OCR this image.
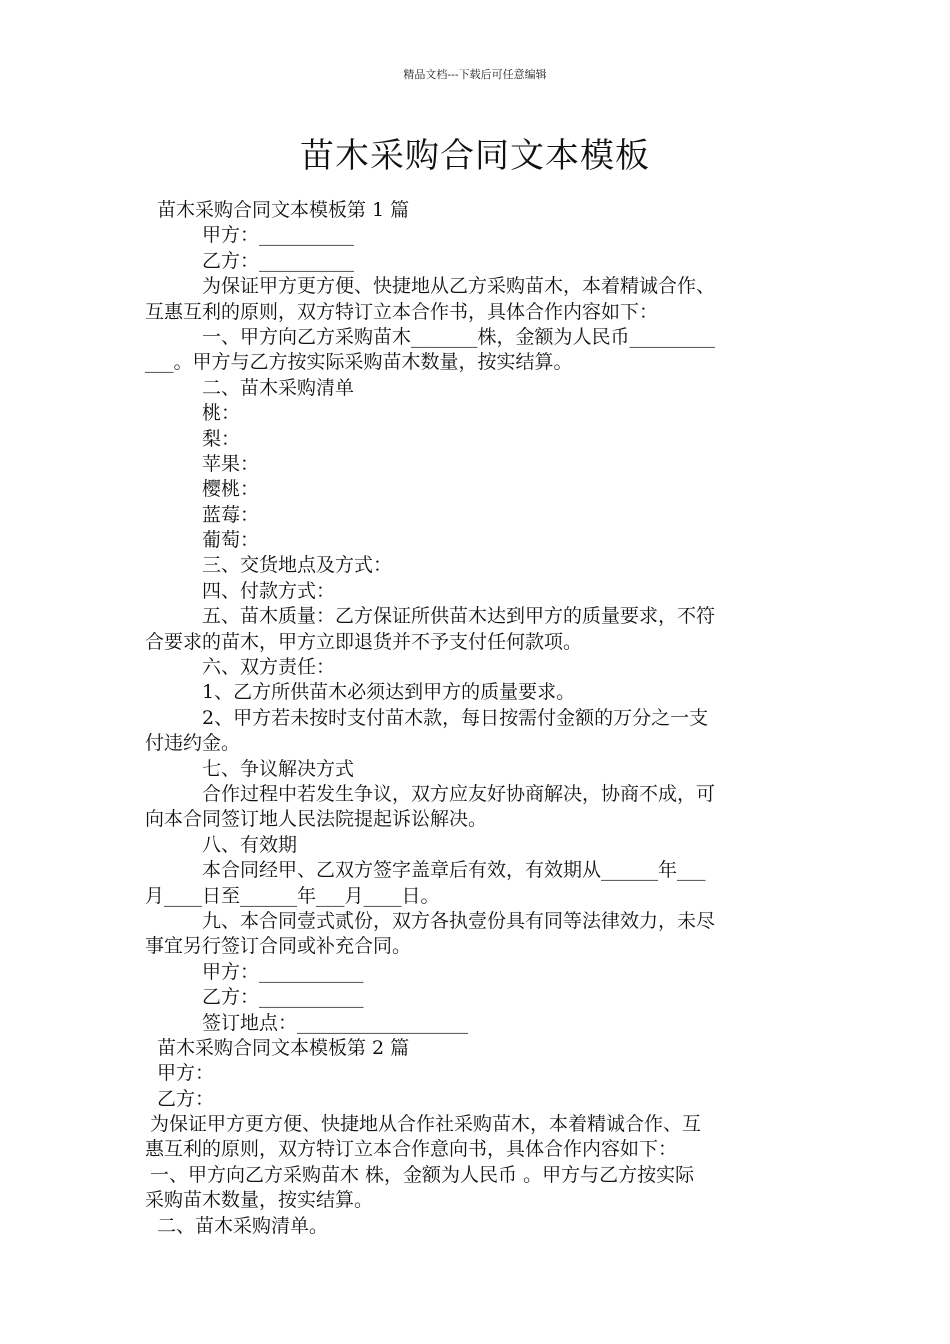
精品文档---下载后可任意编辑
苗木采购合同文本模板
苗木采购合同文本模板第 1 篇
甲方：__________
乙方：__________
为保证甲方更方便、快捷地从乙方采购苗木，本着精诚合作、
互惠互利的原则，双方特订立本合作书，具体合作内容如下：
一、甲方向乙方采购苗木_______株，金额为人民币_________
___。甲方与乙方按实际采购苗木数量，按实结算。
二、苗木采购清单
桃：
梨：
苹果：
樱桃：
蓝莓：
葡萄：
三、交货地点及方式：
四、付款方式：
五、苗木质量：乙方保证所供苗木达到甲方的质量要求，不符
合要求的苗木，甲方立即退货并不予支付任何款项。
六、双方责任：
1、乙方所供苗木必须达到甲方的质量要求。
2、甲方若未按时支付苗木款，每日按需付金额的万分之一支
付违约金。
七、争议解决方式
合作过程中若发生争议，双方应友好协商解决，协商不成，可
向本合同签订地人民法院提起诉讼解决。
八、有效期
本合同经甲、乙双方签字盖章后有效，有效期从______年___
月____日至______年___月____日。
九、本合同壹式贰份，双方各执壹份具有同等法律效力，未尽
事宜另行签订合同或补充合同。
甲方：___________
乙方：___________
签订地点：__________________
苗木采购合同文本模板第 2 篇
甲方：
乙方：
为保证甲方更方便、快捷地从合作社采购苗木，本着精诚合作、互
惠互利的原则，双方特订立本合作意向书，具体合作内容如下：
一、甲方向乙方采购苗木 株，金额为人民币 。甲方与乙方按实际
采购苗木数量，按实结算。
二、苗木采购清单。
